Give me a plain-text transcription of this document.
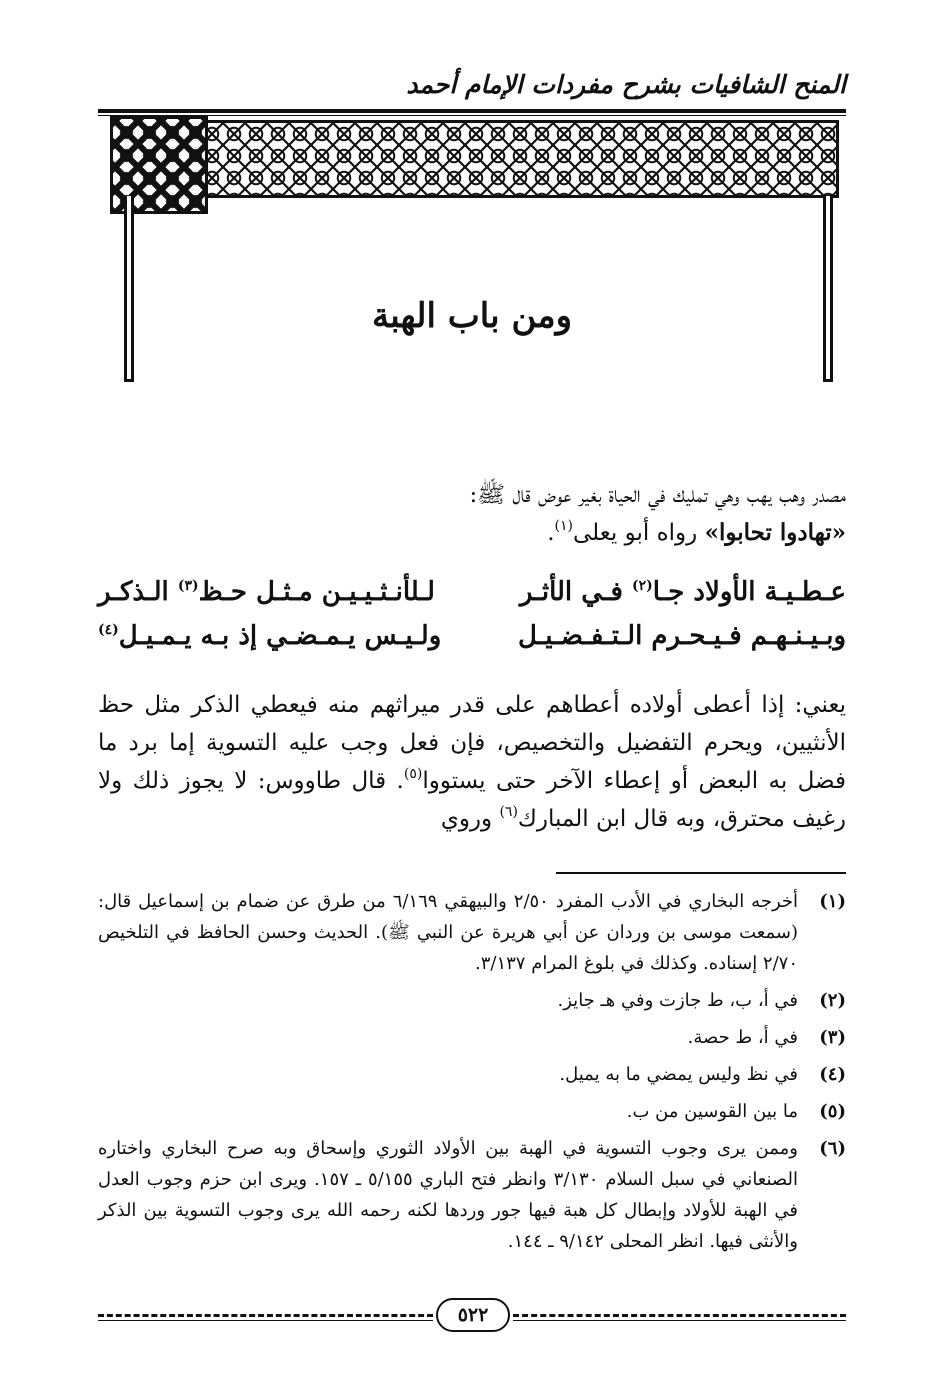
المنح الشافيات بشرح مفردات الإمام أحمد
ومن باب الهبة
مصدر وهب يهب وهي تمليك في الحياة بغير عوض قال ﷺ:
«تهادوا تحابوا» رواه أبو يعلى$^{(١)}$.
عـطـيـة الأولاد جـا$^{(٢)}$ فـي الأثـر
لـلأنـثـيـيـن مـثـل حـظ$^{(٣)}$ الـذكـر
وبـيـنـهـم فـيـحـرم الـتـفـضـيـل
ولـيـس يـمـضـي إذ بـه يـمـيـل$^{(٤)}$
يعني: إذا أعطى أولاده أعطاهم على قدر ميراثهم منه فيعطي الذكر مثل حظ الأنثيين، ويحرم التفضيل والتخصيص، فإن فعل وجب عليه التسوية إما برد ما فضل به البعض أو إعطاء الآخر حتى يستووا$^{(٥)}$. قال طاووس: لا يجوز ذلك ولا رغيف محترق، وبه قال ابن المبارك$^{(٦)}$ وروي
(١)
أخرجه البخاري في الأدب المفرد ٢/٥٠ والبيهقي ٦/١٦٩ من طرق عن ضمام بن إسماعيل قال: (سمعت موسى بن وردان عن أبي هريرة عن النبي ﷺ). الحديث وحسن الحافظ في التلخيص ٢/٧٠ إسناده. وكذلك في بلوغ المرام ٣/١٣٧.
(٢)
في أ، ب، ط جازت وفي هـ جايز.
(٣)
في أ، ط حصة.
(٤)
في نظ وليس يمضي ما به يميل.
(٥)
ما بين القوسين من ب.
(٦)
وممن يرى وجوب التسوية في الهبة بين الأولاد الثوري وإسحاق وبه صرح البخاري واختاره الصنعاني في سبل السلام ٣/١٣٠ وانظر فتح الباري ٥/١٥٥ ـ ١٥٧. ويرى ابن حزم وجوب العدل في الهبة للأولاد وإبطال كل هبة فيها جور وردها لكنه رحمه الله يرى وجوب التسوية بين الذكر والأنثى فيها. انظر المحلى ٩/١٤٢ ـ ١٤٤.
٥٢٢
